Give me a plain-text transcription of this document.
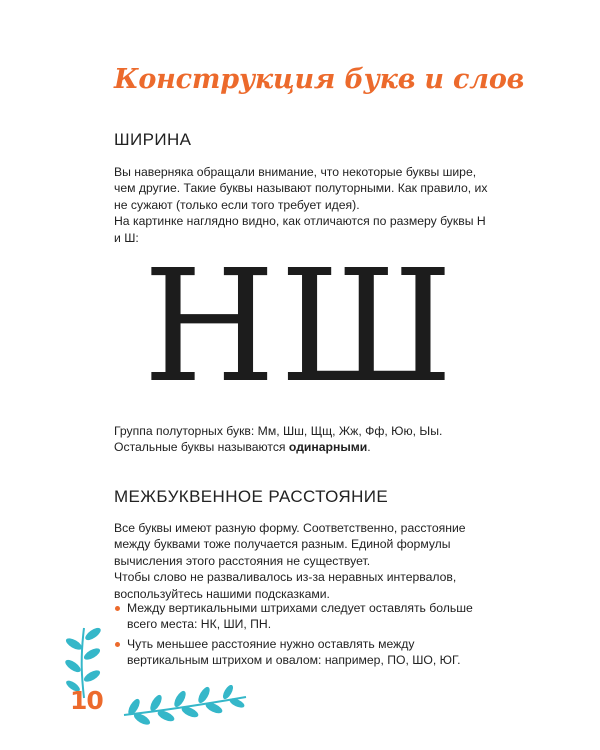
Конструкция букв и слов
ШИРИНА

Вы наверняка обращали внимание, что некоторые буквы шире, чем другие. Такие буквы называют полуторными. Как правило, их не сужают (только если того требует идея).

На картинке наглядно видно, как отличаются по размеру буквы Н и Ш: НШ

Группа полуторных букв: Мм, Шш, Щщ, Жж, Фф, Юю, Ыы.

Остальные буквы называются одинарными.

МЕЖБУКВЕННОЕ РАССТОЯНИЕ

Все буквы имеют разную форму. Соответственно, расстояние между буквами тоже получается разным. Единой формулы вычисления этого расстояния не существует.

Чтобы слово не разваливалось из-за неравных интервалов, воспользуйтесь нашими подсказками.

Между вертикальными штрихами следует оставлять больше всего места: НК, ШИ, ПН.
Чуть меньшее расстояние нужно оставлять между вертикальным штрихом и овалом: например, ПО, ШО, ЮГ.
10
